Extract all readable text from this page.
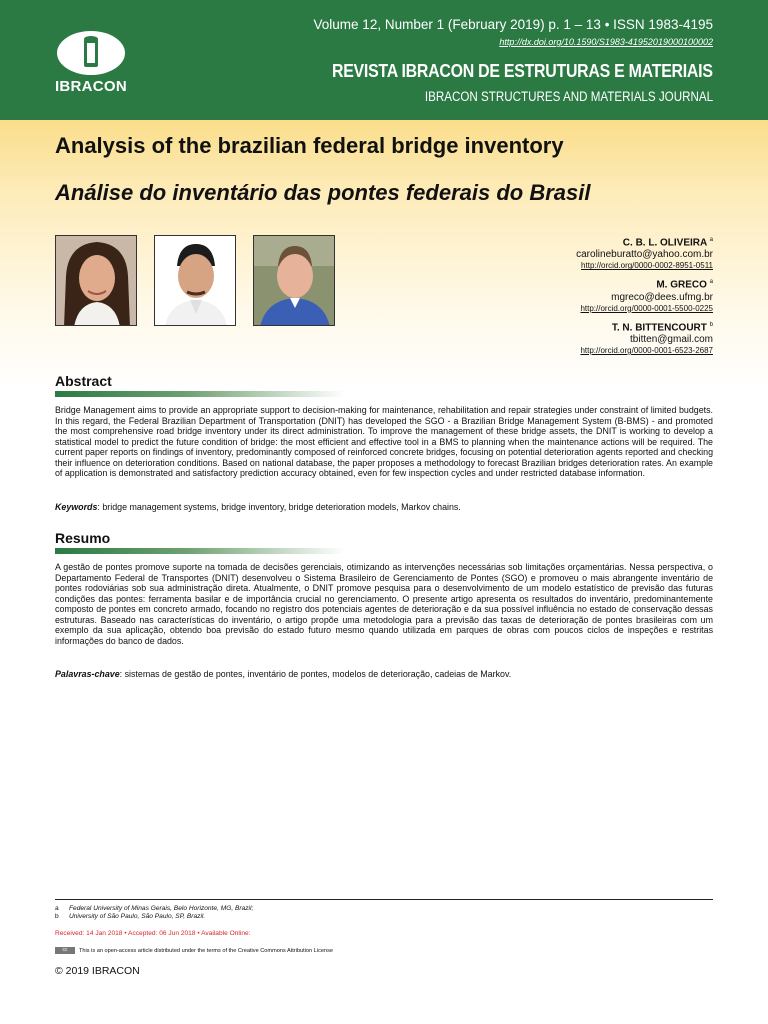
IBRACON
Volume 12, Number 1 (February 2019) p. 1 – 13 • ISSN 1983-4195
http://dx.doi.org/10.1590/S1983-41952019000100002
REVISTA IBRACON DE ESTRUTURAS E MATERIAIS
IBRACON STRUCTURES AND MATERIALS JOURNAL
Analysis of the brazilian federal bridge inventory
Análise do inventário das pontes federais do Brasil
C. B. L. OLIVEIRA $^a$
carolineburatto@yahoo.com.br
http://orcid.org/0000-0002-8951-0511
M. GRECO $^a$
mgreco@dees.ufmg.br
http://orcid.org/0000-0001-5500-0225
T. N. BITTENCOURT $^b$
tbitten@gmail.com
http://orcid.org/0000-0001-6523-2687
Abstract

Bridge Management aims to provide an appropriate support to decision-making for maintenance, rehabilitation and repair strategies under constraint of limited budgets. In this regard, the Federal Brazilian Department of Transportation (DNIT) has developed the SGO - a Brazilian Bridge Management System (B-BMS) - and promoted the most comprehensive road bridge inventory under its direct administration. To improve the management of these bridge assets, the DNIT is working to develop a statistical model to predict the future condition of bridge: the most efficient and effective tool in a BMS to planning when the maintenance actions will be required. The current paper reports on findings of inventory, predominantly composed of reinforced concrete bridges, focusing on potential deterioration agents reported and checking their influence on deterioration conditions. Based on national database, the paper proposes a methodology to forecast Brazilian bridges deterioration rates. An example of application is demonstrated and satisfactory prediction accuracy obtained, even for few inspection cycles and under restricted database information.

Keywords: bridge management systems, bridge inventory, bridge deterioration models, Markov chains.
Resumo

A gestão de pontes promove suporte na tomada de decisões gerenciais, otimizando as intervenções necessárias sob limitações orçamentárias. Nessa perspectiva, o Departamento Federal de Transportes (DNIT) desenvolveu o Sistema Brasileiro de Gerenciamento de Pontes (SGO) e promoveu o mais abrangente inventário de pontes rodoviárias sob sua administração direta. Atualmente, o DNIT promove pesquisa para o desenvolvimento de um modelo estatístico de previsão das futuras condições das pontes: ferramenta basilar e de importância crucial no gerenciamento. O presente artigo apresenta os resultados do inventário, predominantemente composto de pontes em concreto armado, focando no registro dos potenciais agentes de deterioração e da sua possível influência no estado de conservação dessas estruturas. Baseado nas características do inventário, o artigo propõe uma metodologia para a previsão das taxas de deterioração de pontes brasileiras com um exemplo da sua aplicação, obtendo boa previsão do estado futuro mesmo quando utilizada em parques de obras com poucos ciclos de inspeções e restritas informações do banco de dados.

Palavras-chave: sistemas de gestão de pontes, inventário de pontes, modelos de deterioração, cadeias de Markov.
a Federal University of Minas Gerais, Belo Horizonte, MG, Brazil;
b University of São Paulo, São Paulo, SP, Brazil.
Received: 14 Jan 2018 • Accepted: 06 Jun 2018 • Available Online:
cc This is an open-access article distributed under the terms of the Creative Commons Attribution License
© 2019 IBRACON
